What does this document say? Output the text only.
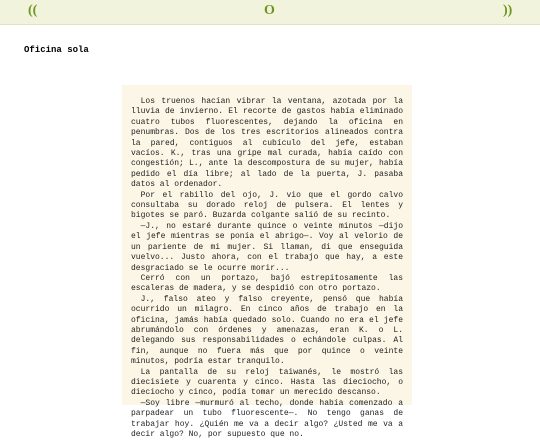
((	O	))
Oficina sola

Los truenos hacían vibrar la ventana, azotada por la lluvia de invierno. El recorte de gastos había eliminado cuatro tubos fluorescentes, dejando la oficina en penumbras. Dos de los tres escritorios alineados contra la pared, contiguos al cubículo del jefe, estaban vacíos. K., tras una gripe mal curada, había caído con congestión; L., ante la descompostura de su mujer, había pedido el día libre; al lado de la puerta, J. pasaba datos al ordenador.

Por el rabillo del ojo, J. vio que el gordo calvo consultaba su dorado reloj de pulsera. El lentes y bigotes se paró. Buzarda colgante salió de su recinto.

—J., no estaré durante quince o veinte minutos —dijo el jefe mientras se ponía el abrigo—. Voy al velorio de un pariente de mi mujer. Si llaman, di que enseguida vuelvo... Justo ahora, con el trabajo que hay, a este desgraciado se le ocurre morir...

Cerró con un portazo, bajó estrepitosamente las escaleras de madera, y se despidió con otro portazo.

J., falso ateo y falso creyente, pensó que había ocurrido un milagro. En cinco años de trabajo en la oficina, jamás había quedado solo. Cuando no era el jefe abrumándolo con órdenes y amenazas, eran K. o L. delegando sus responsabilidades o echándole culpas. Al fin, aunque no fuera más que por quince o veinte minutos, podría estar tranquilo.

La pantalla de su reloj taiwanés, le mostró las diecisiete y cuarenta y cinco. Hasta las dieciocho, o dieciocho y cinco, podía tomar un merecido descanso.

—Soy libre —murmuró al techo, donde había comenzado a parpadear un tubo fluorescente—. No tengo ganas de trabajar hoy. ¿Quién me va a decir algo? ¿Usted me va a decir algo? No, por supuesto que no.
